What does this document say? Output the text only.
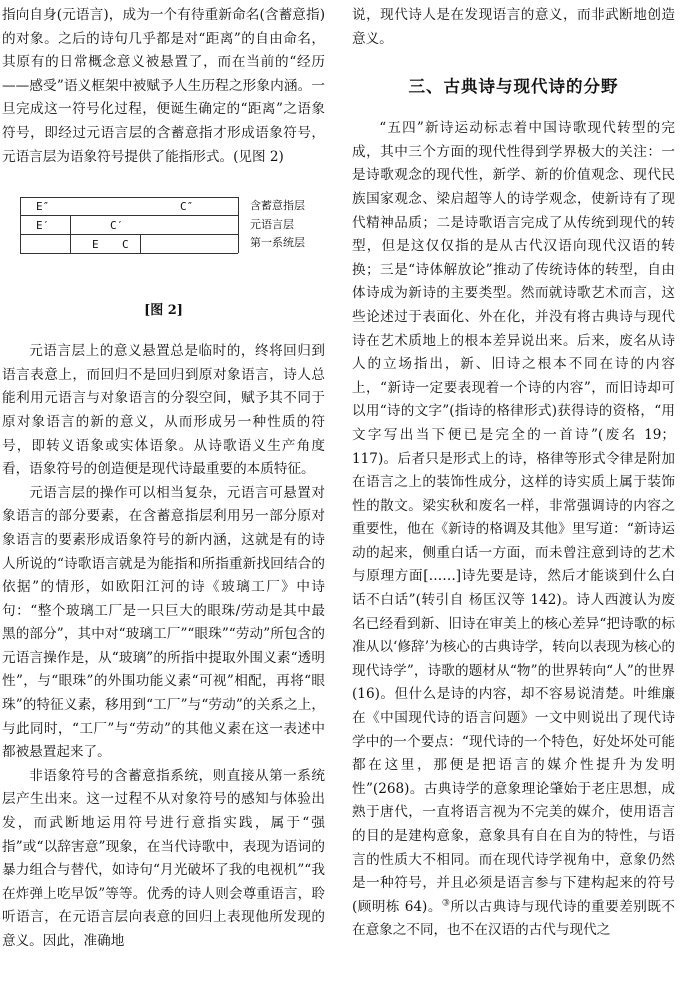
指向自身(元语言)，成为一个有待重新命名(含蓄意指)的对象。之后的诗句几乎都是对“距离”的自由命名，其原有的日常概念意义被悬置了，而在当前的“经历——感受”语义框架中被赋予人生历程之形象内涵。一旦完成这一符号化过程，便诞生确定的“距离”之语象符号，即经过元语言层的含蓄意指才形成语象符号，元语言层为语象符号提供了能指形式。(见图 2)

E″	C″
E′	C′
E C
含蓄意指层
元语言层
第一系统层
[图 2]

元语言层上的意义悬置总是临时的，终将回归到语言表意上，而回归不是回归到原对象语言，诗人总能利用元语言与对象语言的分裂空间，赋予其不同于原对象语言的新的意义，从而形成另一种性质的符号，即转义语象或实体语象。从诗歌语义生产角度看，语象符号的创造便是现代诗最重要的本质特征。

元语言层的操作可以相当复杂，元语言可悬置对象语言的部分要素，在含蓄意指层利用另一部分原对象语言的要素形成语象符号的新内涵，这就是有的诗人所说的“诗歌语言就是为能指和所指重新找回结合的依据”的情形，如欧阳江河的诗《玻璃工厂》中诗句：“整个玻璃工厂是一只巨大的眼珠/劳动是其中最黑的部分”，其中对“玻璃工厂”“眼珠”“劳动”所包含的元语言操作是，从“玻璃”的所指中提取外围义素“透明性”，与“眼珠”的外围功能义素“可视”相配，再将“眼珠”的特征义素，移用到“工厂”与“劳动”的关系之上，与此同时，“工厂”与“劳动”的其他义素在这一表述中都被悬置起来了。

非语象符号的含蓄意指系统，则直接从第一系统层产生出来。这一过程不从对象符号的感知与体验出发，而武断地运用符号进行意指实践，属于“强指”或“以辞害意”现象，在当代诗歌中，表现为语词的暴力组合与替代，如诗句“月光破坏了我的电视机”“我在炸弹上吃早饭”等等。优秀的诗人则会尊重语言，聆听语言，在元语言层向表意的回归上表现他所发现的意义。因此，准确地

说，现代诗人是在发现语言的意义，而非武断地创造意义。

三、古典诗与现代诗的分野

“五四”新诗运动标志着中国诗歌现代转型的完成，其中三个方面的现代性得到学界极大的关注：一是诗歌观念的现代性，新学、新的价值观念、现代民族国家观念、梁启超等人的诗学观念，使新诗有了现代精神品质；二是诗歌语言完成了从传统到现代的转型，但是这仅仅指的是从古代汉语向现代汉语的转换；三是“诗体解放论”推动了传统诗体的转型，自由体诗成为新诗的主要类型。然而就诗歌艺术而言，这些论述过于表面化、外在化，并没有将古典诗与现代诗在艺术质地上的根本差异说出来。后来，废名从诗人的立场指出，新、旧诗之根本不同在诗的内容上，“新诗一定要表现着一个诗的内容”，而旧诗却可以用“诗的文字”(指诗的格律形式)获得诗的资格，“用文字写出当下便已是完全的一首诗”(废名 19；117)。后者只是形式上的诗，格律等形式令律是附加在语言之上的装饰性成分，这样的诗实质上属于装饰性的散文。梁实秋和废名一样，非常强调诗的内容之重要性，他在《新诗的格调及其他》里写道：“新诗运动的起来，侧重白话一方面，而未曾注意到诗的艺术与原理方面[……]诗先要是诗，然后才能谈到什么白话不白话”(转引自 杨匡汉等 142)。诗人西渡认为废名已经看到新、旧诗在审美上的核心差异“把诗歌的标准从以‘修辞’为核心的古典诗学，转向以表现为核心的现代诗学”，诗歌的题材从“物”的世界转向“人”的世界(16)。但什么是诗的内容，却不容易说清楚。叶维廉在《中国现代诗的语言问题》一文中则说出了现代诗学中的一个要点：“现代诗的一个特色，好处坏处可能都在这里，那便是把语言的媒介性提升为发明性”(268)。古典诗学的意象理论肇始于老庄思想，成熟于唐代，一直将语言视为不完美的媒介，使用语言的目的是建构意象，意象具有自在自为的特性，与语言的性质大不相同。而在现代诗学视角中，意象仍然是一种符号，并且必须是语言参与下建构起来的符号(顾明栋 64)。③所以古典诗与现代诗的重要差别既不在意象之不同，也不在汉语的古代与现代之
